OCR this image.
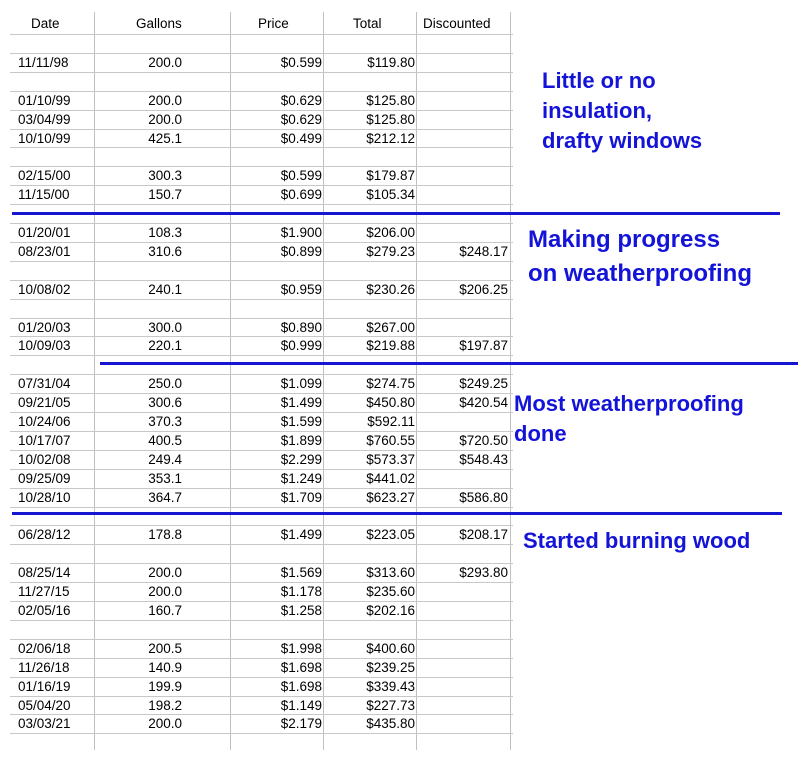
Date	Gallons	Price	Total	Discounted
11/11/98	200.0	$0.599	$119.80
01/10/99	200.0	$0.629	$125.80
03/04/99	200.0	$0.629	$125.80
10/10/99	425.1	$0.499	$212.12
02/15/00	300.3	$0.599	$179.87
11/15/00	150.7	$0.699	$105.34
01/20/01	108.3	$1.900	$206.00
08/23/01	310.6	$0.899	$279.23	$248.17
10/08/02	240.1	$0.959	$230.26	$206.25
01/20/03	300.0	$0.890	$267.00
10/09/03	220.1	$0.999	$219.88	$197.87
07/31/04	250.0	$1.099	$274.75	$249.25
09/21/05	300.6	$1.499	$450.80	$420.54
10/24/06	370.3	$1.599	$592.11
10/17/07	400.5	$1.899	$760.55	$720.50
10/02/08	249.4	$2.299	$573.37	$548.43
09/25/09	353.1	$1.249	$441.02
10/28/10	364.7	$1.709	$623.27	$586.80
06/28/12	178.8	$1.499	$223.05	$208.17
08/25/14	200.0	$1.569	$313.60	$293.80
11/27/15	200.0	$1.178	$235.60
02/05/16	160.7	$1.258	$202.16
02/06/18	200.5	$1.998	$400.60
11/26/18	140.9	$1.698	$239.25
01/16/19	199.9	$1.698	$339.43
05/04/20	198.2	$1.149	$227.73
03/03/21	200.0	$2.179	$435.80
Little or no
insulation,
drafty windows
Making progress
on weatherproofing
Most weatherproofing
done
Started burning wood
